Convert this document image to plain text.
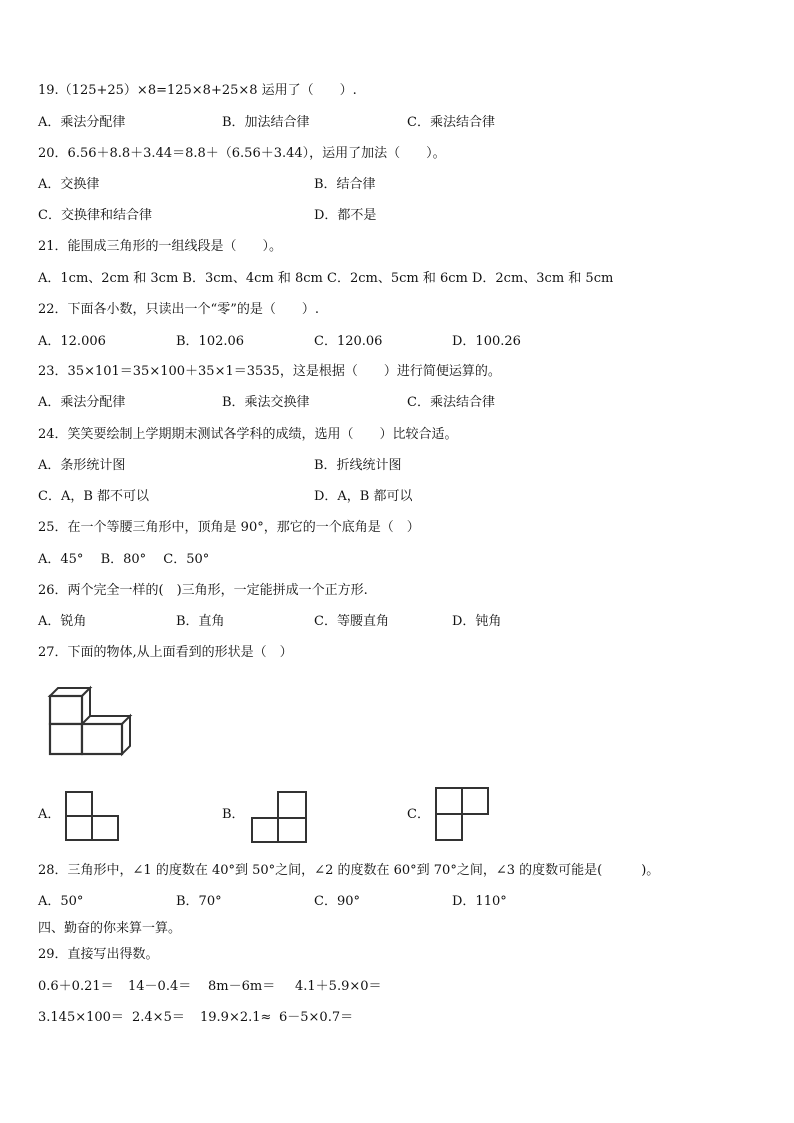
19.（125+25）×8=125×8+25×8 运用了（　　）.
A．乘法分配律	B．加法结合律	C．乘法结合律
20．6.56＋8.8＋3.44＝8.8＋（6.56＋3.44），运用了加法（　　）。
A．交换律	B．结合律
C．交换律和结合律	D．都不是
21．能围成三角形的一组线段是（　　）。
A．1cm、2cm 和 3cm B．3cm、4cm 和 8cm C．2cm、5cm 和 6cm D．2cm、3cm 和 5cm
22．下面各小数，只读出一个“零”的是（　　）.
A．12.006	B．102.06	C．120.06	D．100.26
23．35×101＝35×100＋35×1＝3535，这是根据（　　）进行简便运算的。
A．乘法分配律	B．乘法交换律	C．乘法结合律
24．笑笑要绘制上学期期末测试各学科的成绩，选用（　　）比较合适。
A．条形统计图	B．折线统计图
C．A，B 都不可以	D．A，B 都可以
25．在一个等腰三角形中，顶角是 90°，那它的一个底角是（　）
A．45°　 B．80°　 C．50°
26．两个完全一样的(　)三角形，一定能拼成一个正方形.
A．锐角	B．直角	C．等腰直角	D．钝角
27．下面的物体,从上面看到的形状是（　）
A．	B．	C．
28．三角形中，∠1 的度数在 40°到 50°之间，∠2 的度数在 60°到 70°之间，∠3 的度数可能是(　　　)。
A．50°	B．70°	C．90°	D．110°
四、勤奋的你来算一算。
29．直接写出得数。
0.6＋0.21＝ 14－0.4＝ 8m－6m＝ 4.1＋5.9×0＝
3.145×100＝ 2.4×5＝ 19.9×2.1≈ 6－5×0.7＝
